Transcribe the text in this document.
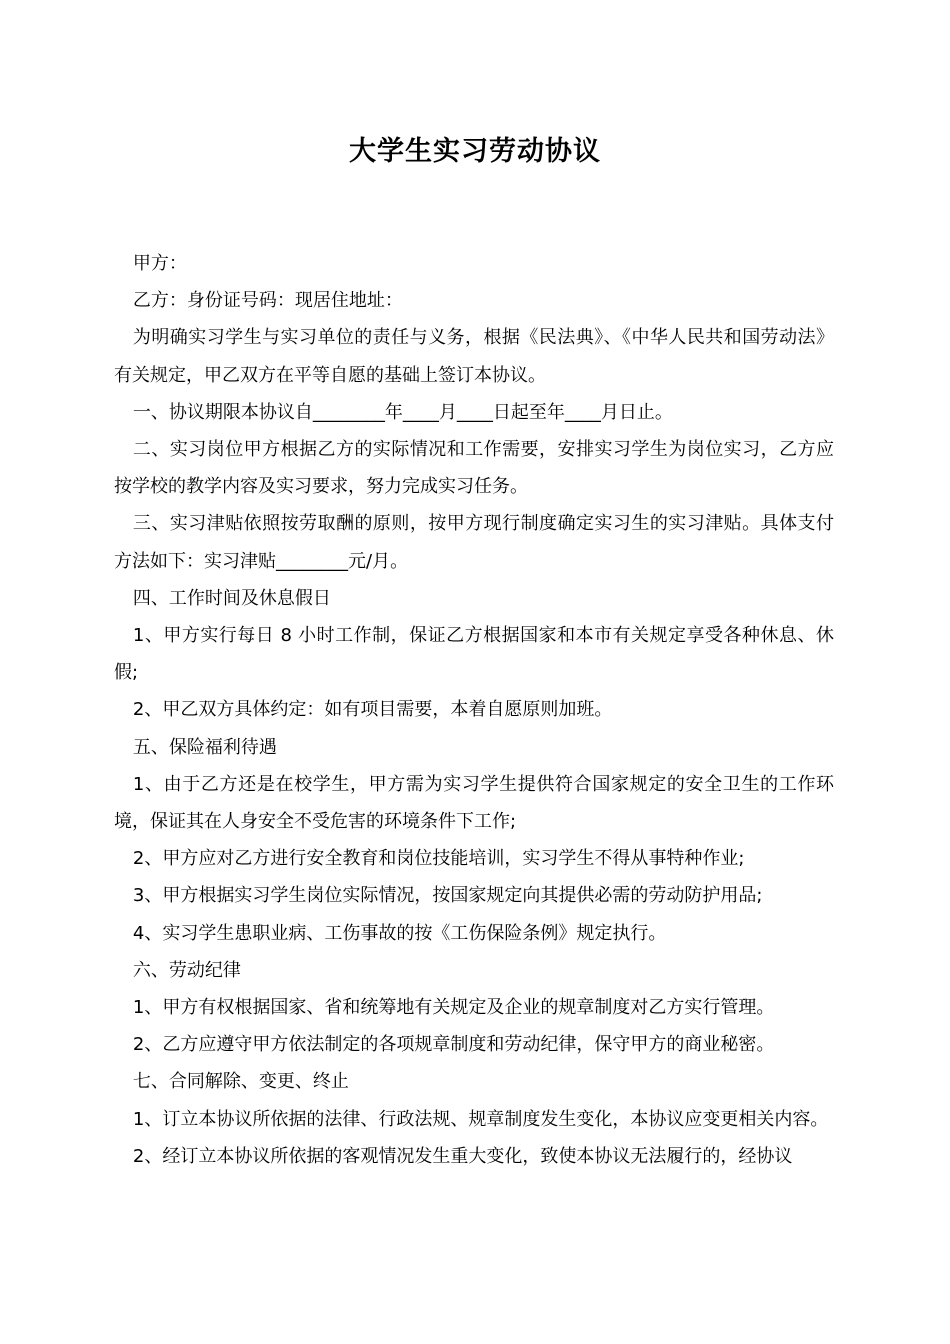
大学生实习劳动协议

甲方：

乙方：身份证号码：现居住地址：

为明确实习学生与实习单位的责任与义务，根据《民法典》、《中华人民共和国劳动法》有关规定，甲乙双方在平等自愿的基础上签订本协议。

一、协议期限本协议自________年____月____日起至年____月日止。

二、实习岗位甲方根据乙方的实际情况和工作需要，安排实习学生为岗位实习，乙方应按学校的教学内容及实习要求，努力完成实习任务。

三、实习津贴依照按劳取酬的原则，按甲方现行制度确定实习生的实习津贴。具体支付方法如下：实习津贴________元/月。

四、工作时间及休息假日

1、甲方实行每日 8 小时工作制，保证乙方根据国家和本市有关规定享受各种休息、休假;

2、甲乙双方具体约定：如有项目需要，本着自愿原则加班。

五、保险福利待遇

1、由于乙方还是在校学生，甲方需为实习学生提供符合国家规定的安全卫生的工作环境，保证其在人身安全不受危害的环境条件下工作;

2、甲方应对乙方进行安全教育和岗位技能培训，实习学生不得从事特种作业;

3、甲方根据实习学生岗位实际情况，按国家规定向其提供必需的劳动防护用品;

4、实习学生患职业病、工伤事故的按《工伤保险条例》规定执行。

六、劳动纪律

1、甲方有权根据国家、省和统筹地有关规定及企业的规章制度对乙方实行管理。

2、乙方应遵守甲方依法制定的各项规章制度和劳动纪律，保守甲方的商业秘密。

七、合同解除、变更、终止

1、订立本协议所依据的法律、行政法规、规章制度发生变化，本协议应变更相关内容。

2、经订立本协议所依据的客观情况发生重大变化，致使本协议无法履行的，经协议
